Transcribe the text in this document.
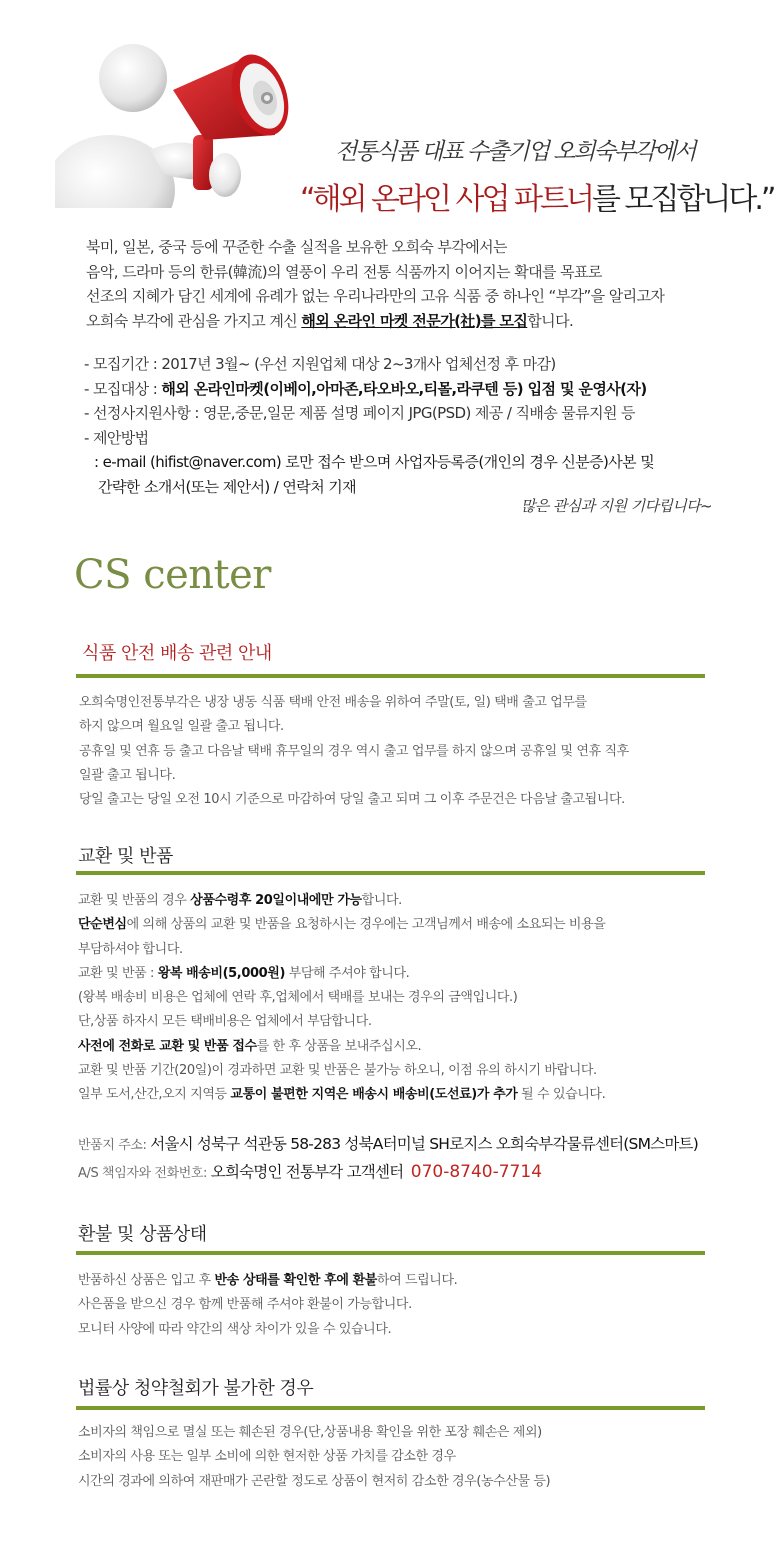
전통식품 대표 수출기업 오희숙부각에서
“해외 온라인 사업 파트너를 모집합니다.”
북미, 일본, 중국 등에 꾸준한 수출 실적을 보유한 오희숙 부각에서는
음악, 드라마 등의 한류(韓流)의 열풍이 우리 전통 식품까지 이어지는 확대를 목표로
선조의 지혜가 담긴 세계에 유례가 없는 우리나라만의 고유 식품 중 하나인 “부각”을 알리고자
오희숙 부각에 관심을 가지고 계신 해외 온라인 마켓 전문가(社)를 모집합니다.
- 모집기간 : 2017년 3월~ (우선 지원업체 대상 2~3개사 업체선정 후 마감)
- 모집대상 : 해외 온라인마켓(이베이,아마존,타오바오,티몰,라쿠텐 등) 입점 및 운영사(자)
- 선정사지원사항 : 영문,중문,일문 제품 설명 페이지 JPG(PSD) 제공 / 직배송 물류지원 등
- 제안방법
: e-mail (hifist@naver.com) 로만 접수 받으며 사업자등록증(개인의 경우 신분증)사본 및
간략한 소개서(또는 제안서) / 연락처 기재
많은 관심과 지원 기다립니다~
CS center
식품 안전 배송 관련 안내
오희숙명인전통부각은 냉장 냉동 식품 택배 안전 배송을 위하여 주말(토, 일) 택배 출고 업무를
하지 않으며 월요일 일괄 출고 됩니다.
공휴일 및 연휴 등 출고 다음날 택배 휴무일의 경우 역시 출고 업무를 하지 않으며 공휴일 및 연휴 직후
일괄 출고 됩니다.
당일 출고는 당일 오전 10시 기준으로 마감하여 당일 출고 되며 그 이후 주문건은 다음날 출고됩니다.
교환 및 반품
교환 및 반품의 경우 상품수령후 20일이내에만 가능합니다.
단순변심에 의해 상품의 교환 및 반품을 요청하시는 경우에는 고객님께서 배송에 소요되는 비용을
부담하셔야 합니다.
교환 및 반품 : 왕복 배송비(5,000원) 부담해 주셔야 합니다.
(왕복 배송비 비용은 업체에 연락 후,업체에서 택배를 보내는 경우의 금액입니다.)
단,상품 하자시 모든 택배비용은 업체에서 부담합니다.
사전에 전화로 교환 및 반품 접수를 한 후 상품을 보내주십시오.
교환 및 반품 기간(20일)이 경과하면 교환 및 반품은 불가능 하오니, 이점 유의 하시기 바랍니다.
일부 도서,산간,오지 지역등 교통이 불편한 지역은 배송시 배송비(도선료)가 추가 될 수 있습니다.
반품지 주소: 서울시 성북구 석관동 58-283 성북A터미널 SH로지스 오희숙부각물류센터(SM스마트)
A/S 책임자와 전화번호: 오희숙명인 전통부각 고객센터 070-8740-7714
환불 및 상품상태
반품하신 상품은 입고 후 반송 상태를 확인한 후에 환불하여 드립니다.
사은품을 받으신 경우 함께 반품해 주셔야 환불이 가능합니다.
모니터 사양에 따라 약간의 색상 차이가 있을 수 있습니다.
법률상 청약철회가 불가한 경우
소비자의 책임으로 멸실 또는 훼손된 경우(단,상품내용 확인을 위한 포장 훼손은 제외)
소비자의 사용 또는 일부 소비에 의한 현저한 상품 가치를 감소한 경우
시간의 경과에 의하여 재판매가 곤란할 정도로 상품이 현저히 감소한 경우(농수산물 등)
